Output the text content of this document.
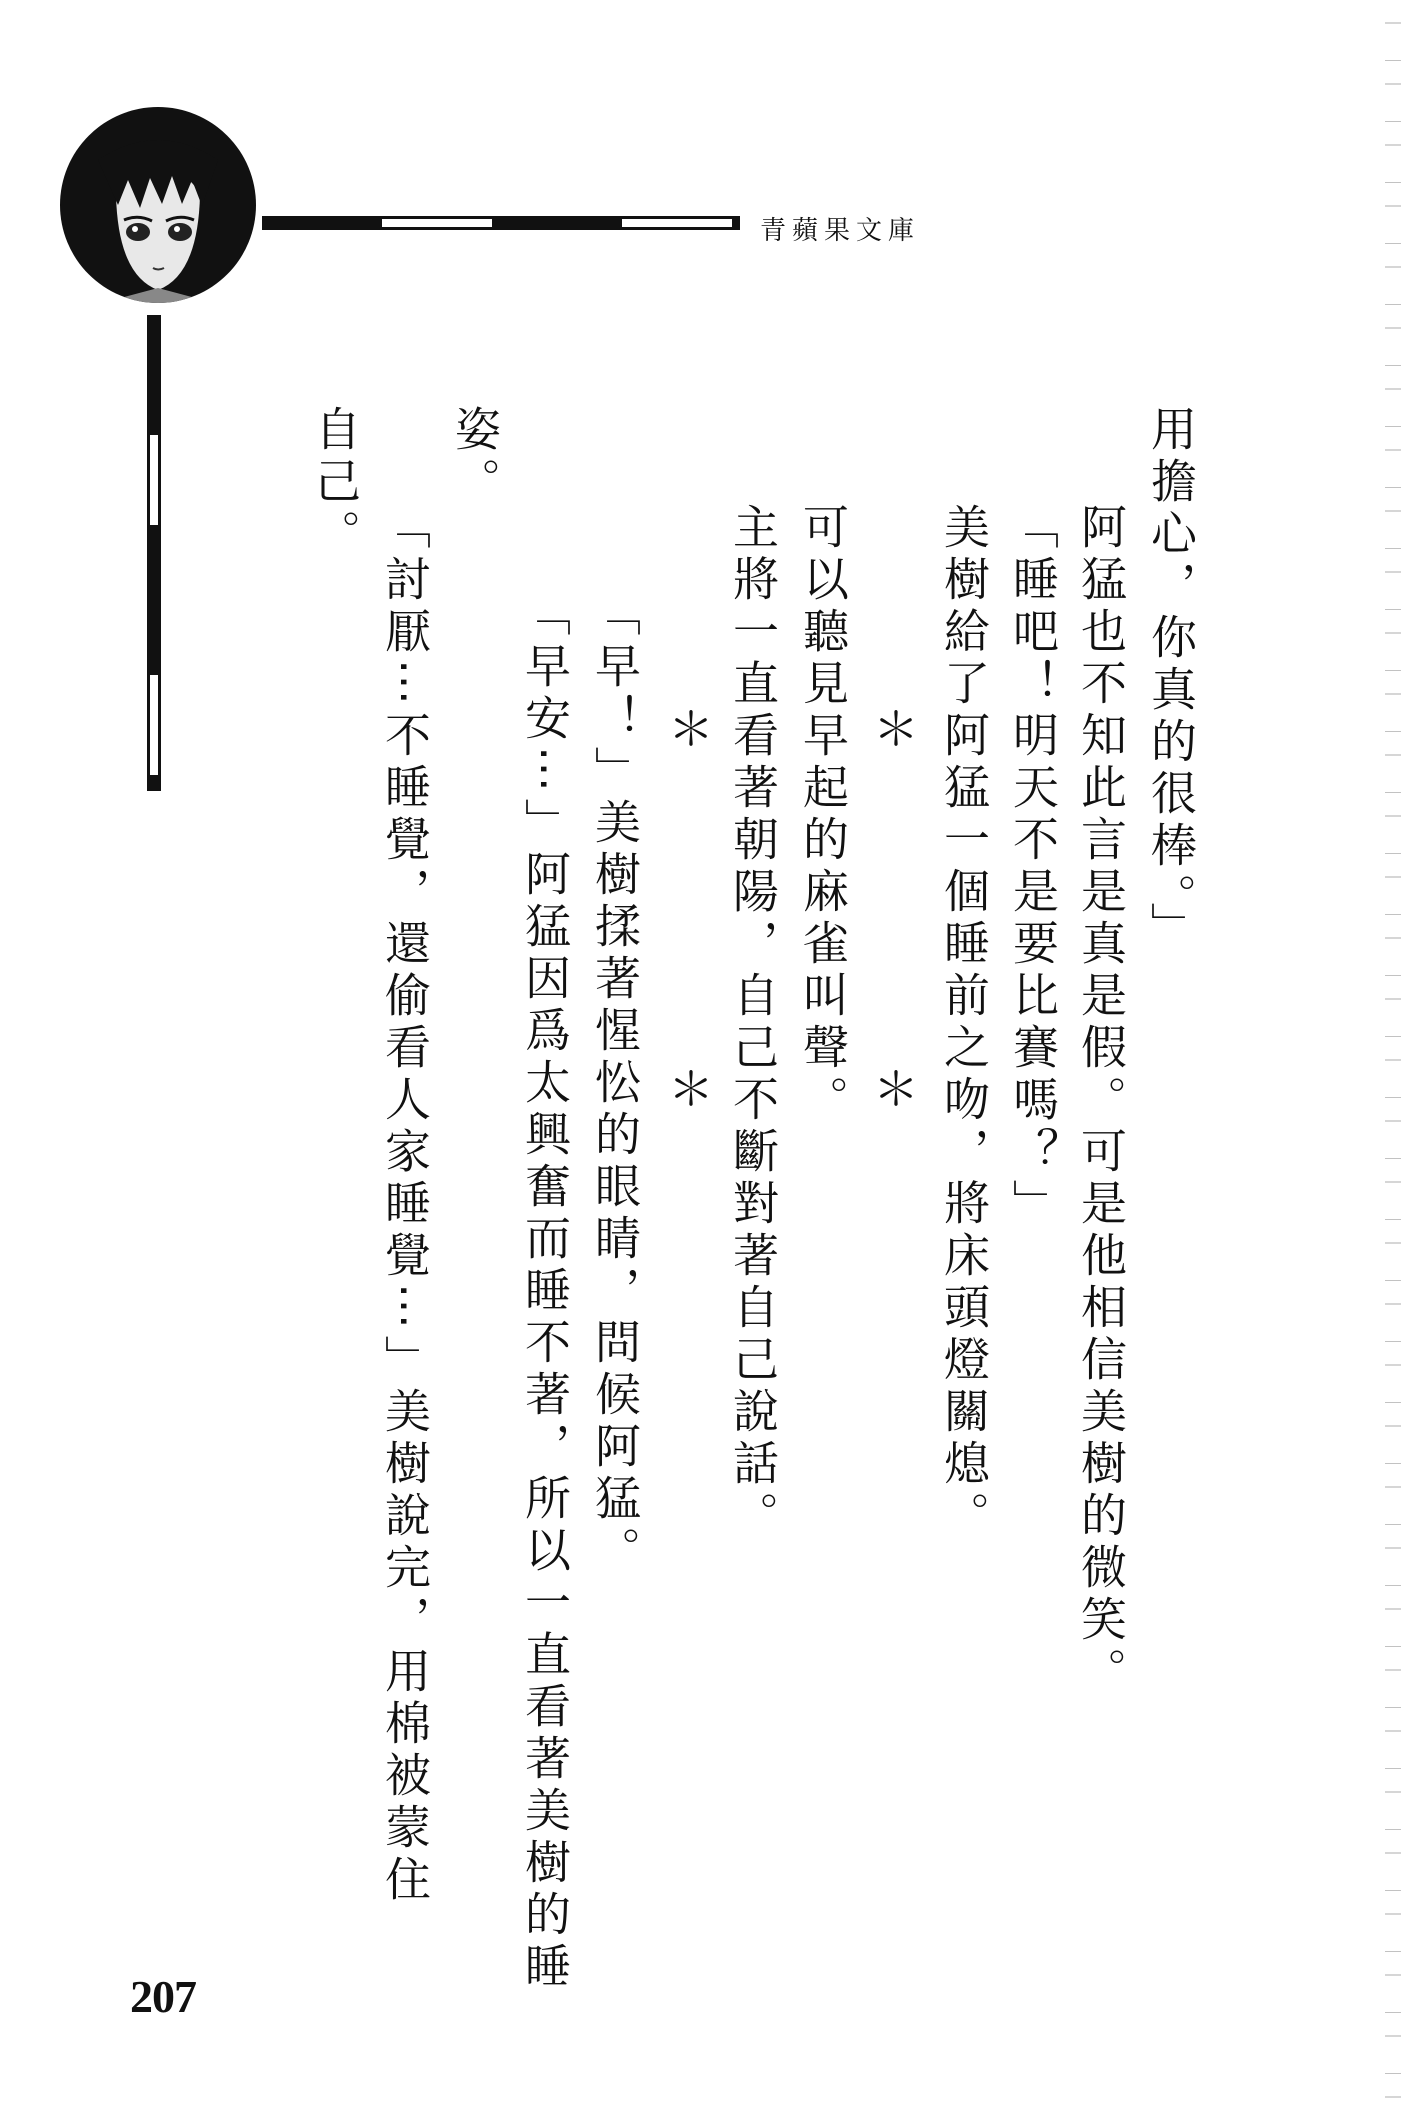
青蘋果文庫
用擔心，你真的很棒。」
阿猛也不知此言是真是假。可是他相信美樹的微笑。
「睡吧！明天不是要比賽嗎？」
美樹給了阿猛一個睡前之吻，將床頭燈關熄。
＊
＊
可以聽見早起的麻雀叫聲。
主將一直看著朝陽，自己不斷對著自己說話。
＊
＊
「早！」美樹揉著惺忪的眼睛，問候阿猛。
「早安⋯」阿猛因爲太興奮而睡不著，所以一直看著美樹的睡
姿。
「討厭⋯不睡覺，還偷看人家睡覺⋯」美樹說完，用棉被蒙住
自己。
207
